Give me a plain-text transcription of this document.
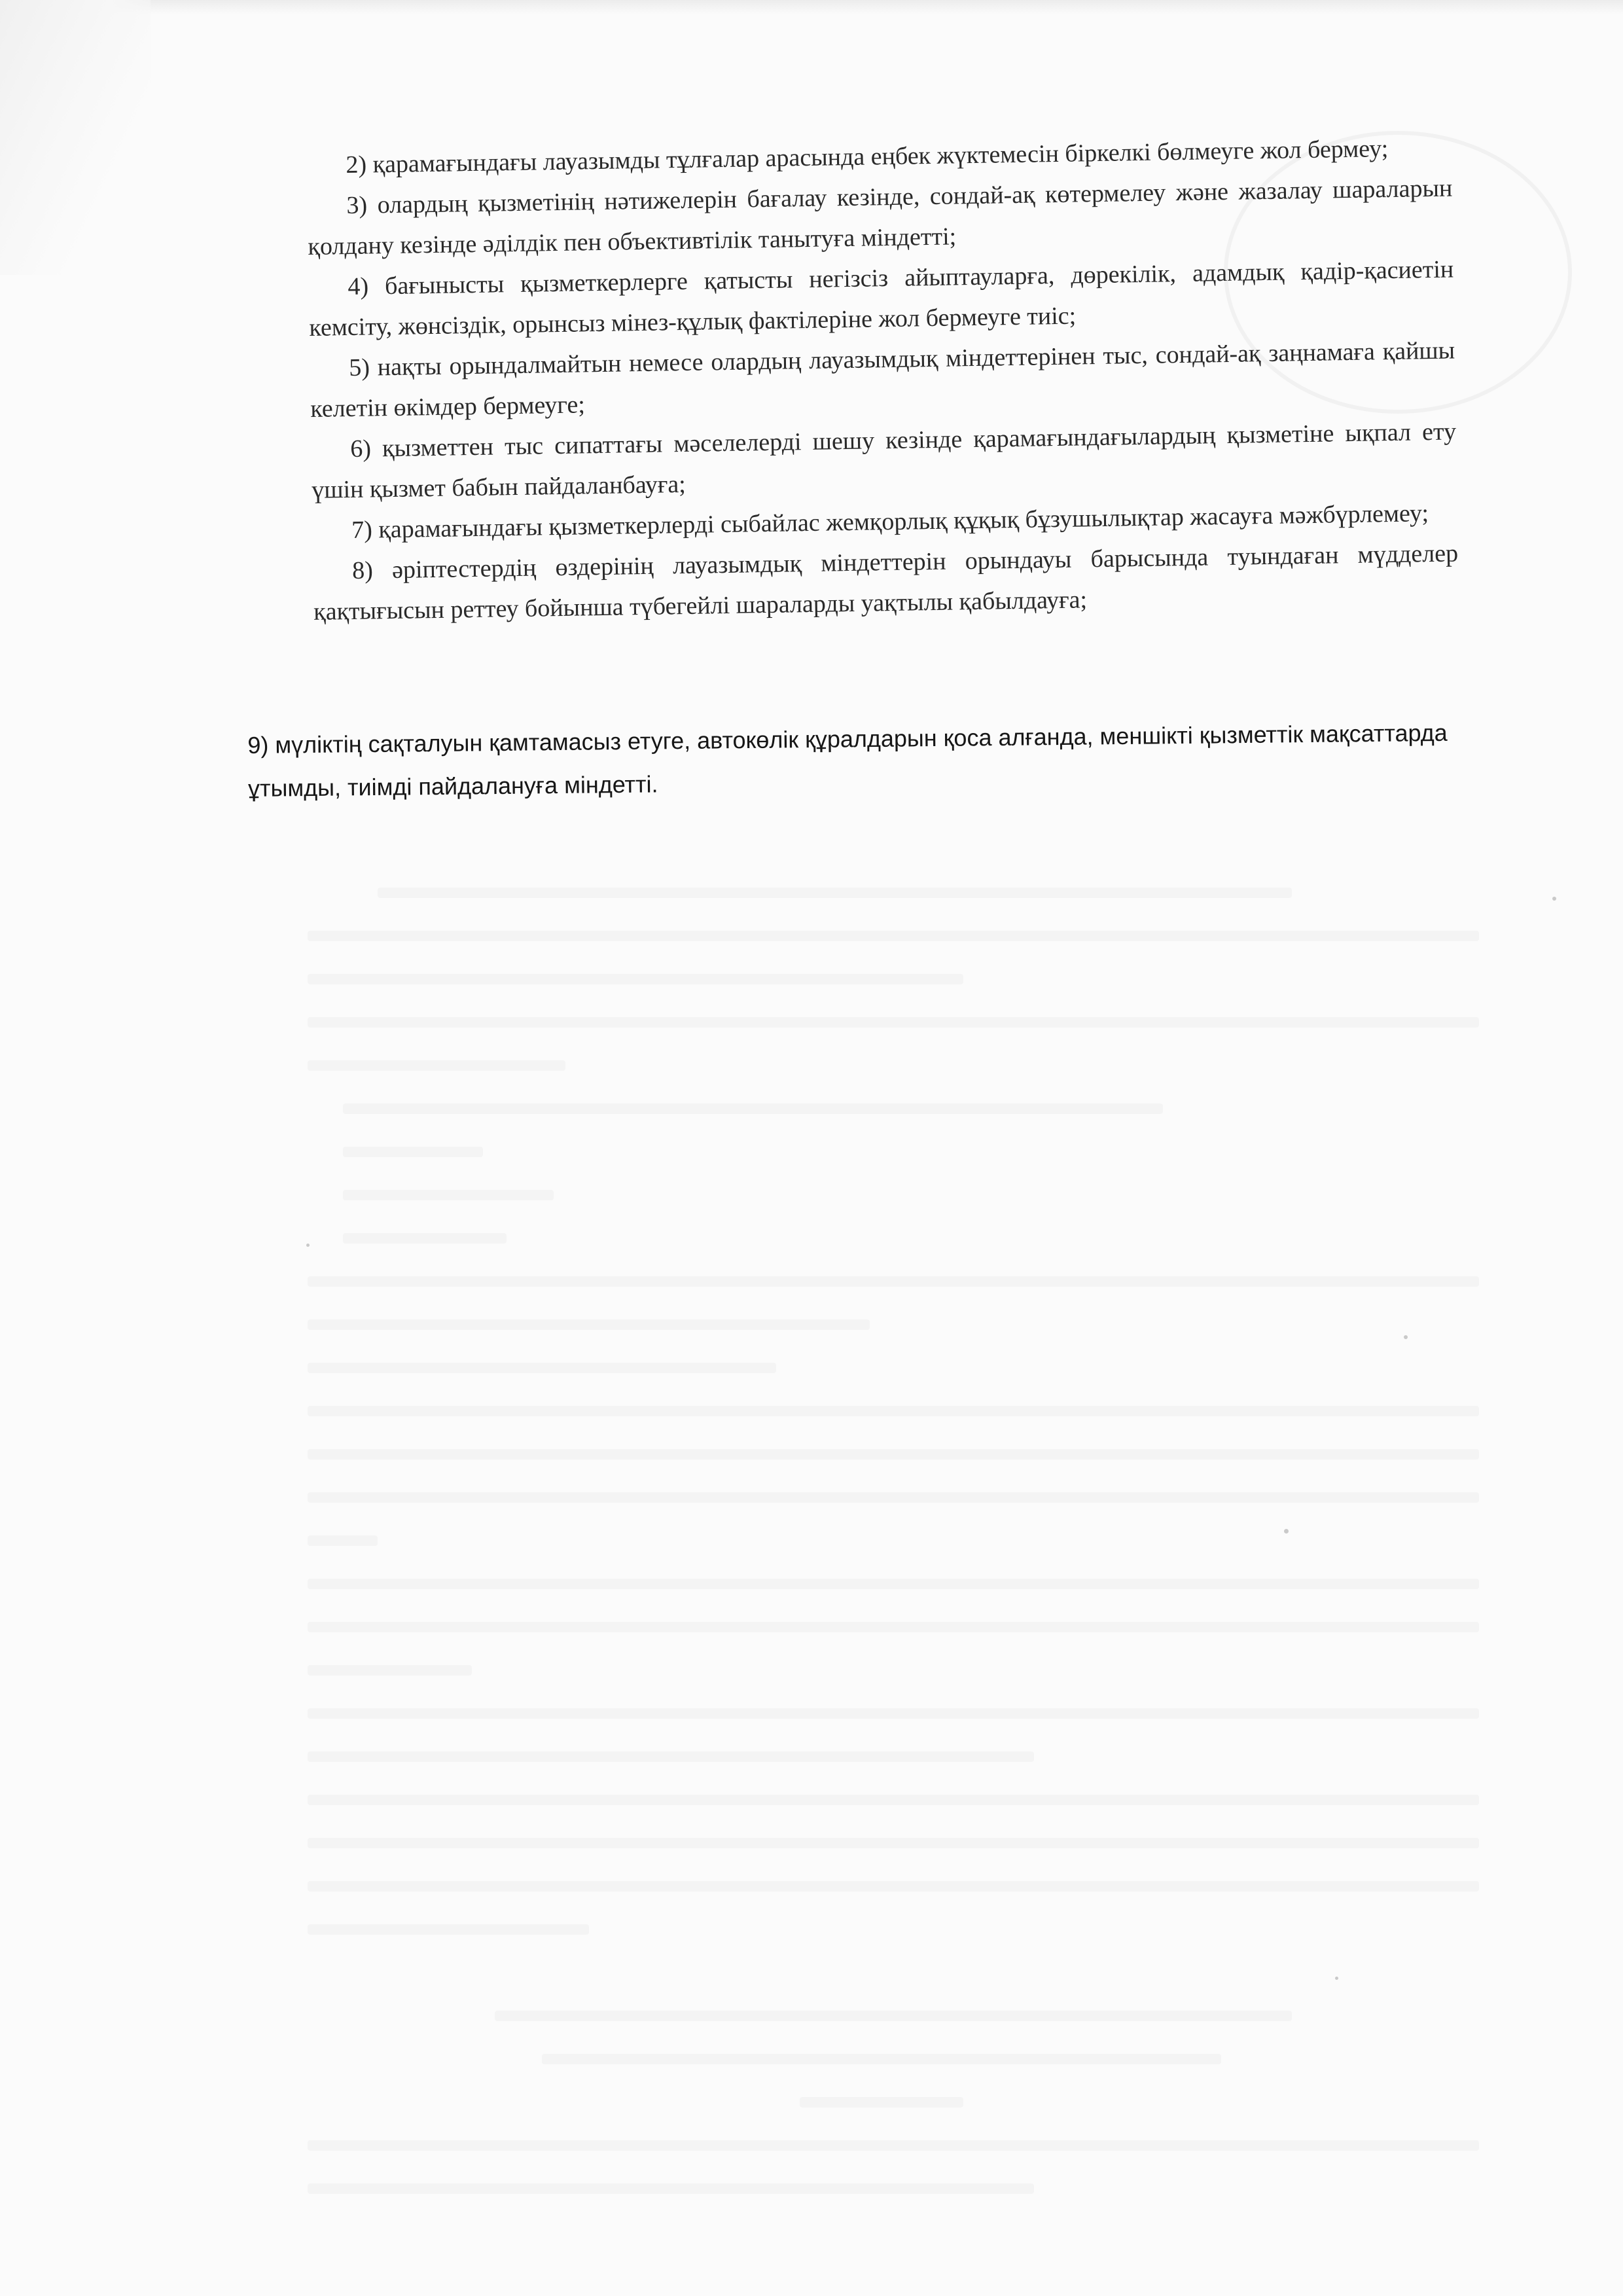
2) қарамағындағы лауазымды тұлғалар арасында еңбек жүктемесін біркелкі бөлмеуге жол бермеу;

3) олардың қызметінің нәтижелерін бағалау кезінде, сондай-ақ көтермелеу және жазалау шараларын қолдану кезінде әділдік пен объективтілік танытуға міндетті;

4) бағынысты қызметкерлерге қатысты негізсіз айыптауларға, дөрекілік, адамдық қадір-қасиетін кемсіту, жөнсіздік, орынсыз мінез-құлық фактілеріне жол бермеуге тиіс;

5) нақты орындалмайтын немесе олардың лауазымдық міндеттерінен тыс, сондай-ақ заңнамаға қайшы келетін өкімдер бермеуге;

6) қызметтен тыс сипаттағы мәселелерді шешу кезінде қарамағындағылардың қызметіне ықпал ету үшін қызмет бабын пайдаланбауға;

7) қарамағындағы қызметкерлерді сыбайлас жемқорлық құқық бұзушылықтар жасауға мәжбүрлемеу;

8) әріптестердің өздерінің лауазымдық міндеттерін орындауы барысында туындаған мүдделер қақтығысын реттеу бойынша түбегейлі шараларды уақтылы қабылдауға;

9) мүліктің сақталуын қамтамасыз етуге, автокөлік құралдарын қоса алғанда, меншікті қызметтік мақсаттарда ұтымды, тиімді пайдалануға міндетті.
